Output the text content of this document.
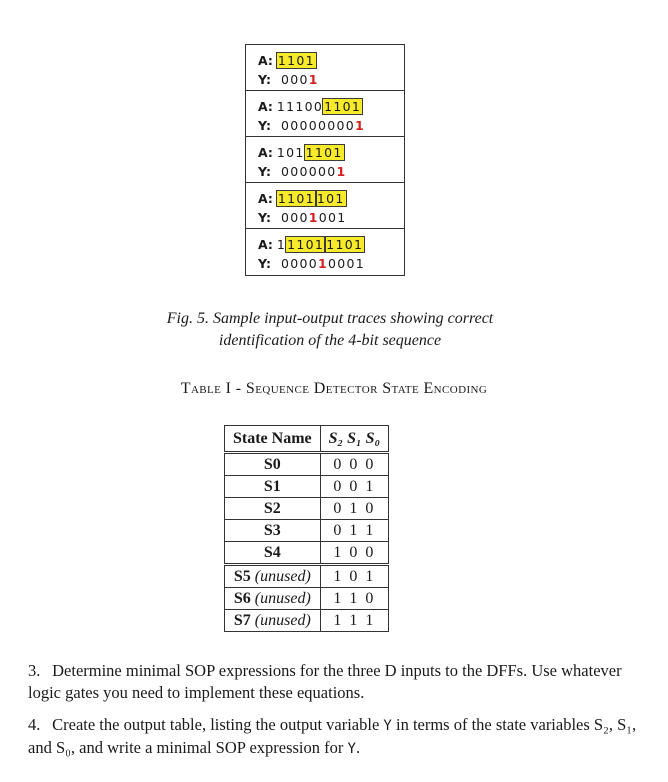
A: 1101
Y: 0001
A: 111001101
Y: 000000001
A: 1011101
Y: 0000001
A: 1101 101
Y: 0001001
A: 11101 1101
Y: 000010001
Fig. 5. Sample input-output traces showing correct
identification of the 4-bit sequence
Table I - Sequence Detector State Encoding
State Name	S₂ S₁ S₀
S0	0 0 0
S1	0 0 1
S2	0 1 0
S3	0 1 1
S4	1 0 0
S5 (unused)	1 0 1
S6 (unused)	1 1 0
S7 (unused)	1 1 1
3. Determine minimal SOP expressions for the three D inputs to the DFFs. Use whatever logic gates you need to implement these equations.
4. Create the output table, listing the output variable Y in terms of the state variables S₂, S₁, and S₀, and write a minimal SOP expression for Y.
